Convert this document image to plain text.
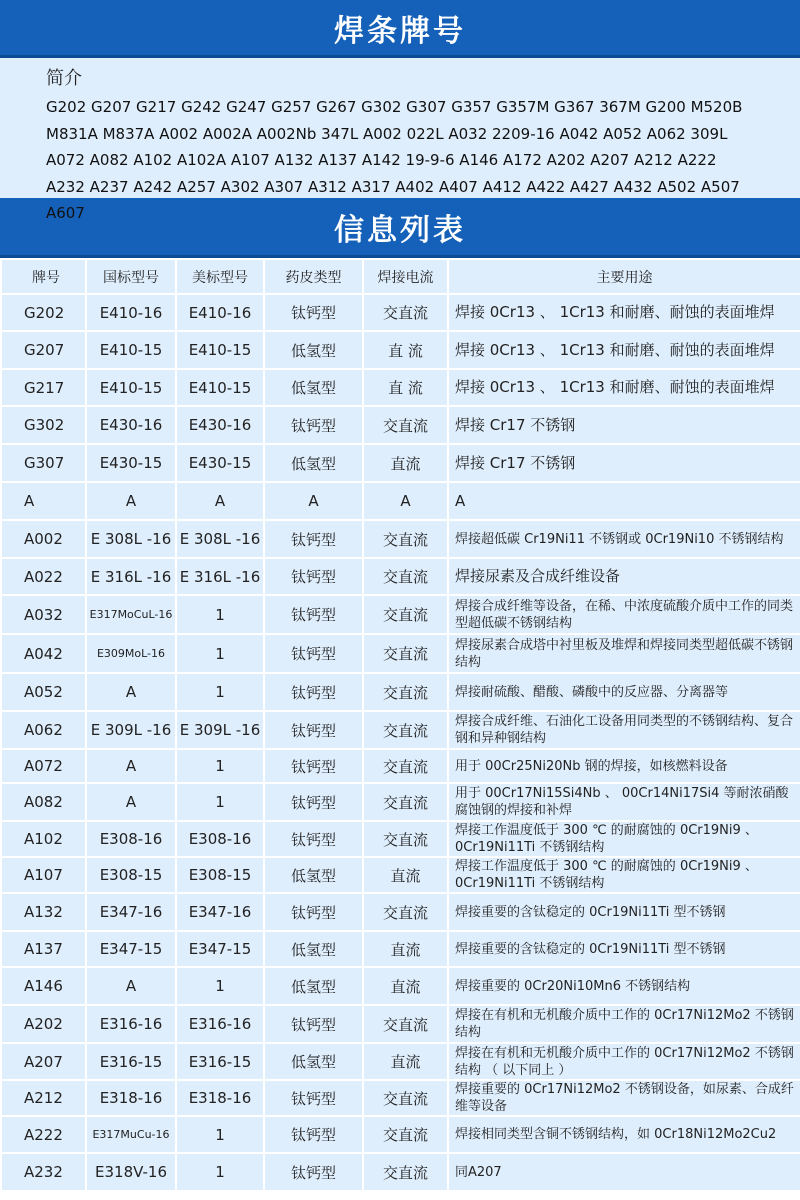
焊条牌号
简介
G202 G207 G217 G242 G247 G257 G267 G302 G307 G357 G357M G367 367M G200 M520B M831A M837A A002 A002A A002Nb 347L A002 022L A032 2209-16 A042 A052 A062 309L A072 A082 A102 A102A A107 A132 A137 A142 19-9-6 A146 A172 A202 A207 A212 A222 A232 A237 A242 A257 A302 A307 A312 A317 A402 A407 A412 A422 A427 A432 A502 A507 A607	信息列表
牌号	国标型号	美标型号	药皮类型	焊接电流	主要用途
G202	E410-16	E410-16	钛钙型	交直流	焊接 0Cr13 、 1Cr13 和耐磨、耐蚀的表面堆焊
G207	E410-15	E410-15	低氢型	直 流	焊接 0Cr13 、 1Cr13 和耐磨、耐蚀的表面堆焊
G217	E410-15	E410-15	低氢型	直 流	焊接 0Cr13 、 1Cr13 和耐磨、耐蚀的表面堆焊
G302	E430-16	E430-16	钛钙型	交直流	焊接 Cr17 不锈钢
G307	E430-15	E430-15	低氢型	直流	焊接 Cr17 不锈钢
A	A	A	A	A	A
A002	E 308L -16	E 308L -16	钛钙型	交直流	焊接超低碳 Cr19Ni11 不锈钢或 0Cr19Ni10 不锈钢结构
A022	E 316L -16	E 316L -16	钛钙型	交直流	焊接尿素及合成纤维设备
A032	E317MoCuL-16	1	钛钙型	交直流	焊接合成纤维等设备，在稀、中浓度硫酸介质中工作的同类型超低碳不锈钢结构
A042	E309MoL-16	1	钛钙型	交直流	焊接尿素合成塔中衬里板及堆焊和焊接同类型超低碳不锈钢结构
A052	A	1	钛钙型	交直流	焊接耐硫酸、醋酸、磷酸中的反应器、分离器等
A062	E 309L -16	E 309L -16	钛钙型	交直流	焊接合成纤维、石油化工设备用同类型的不锈钢结构、复合钢和异种钢结构
A072	A	1	钛钙型	交直流	用于 00Cr25Ni20Nb 钢的焊接，如核燃料设备
A082	A	1	钛钙型	交直流	用于 00Cr17Ni15Si4Nb 、 00Cr14Ni17Si4 等耐浓硝酸腐蚀钢的焊接和补焊
A102	E308-16	E308-16	钛钙型	交直流	焊接工作温度低于 300 ℃ 的耐腐蚀的 0Cr19Ni9 、 0Cr19Ni11Ti 不锈钢结构
A107	E308-15	E308-15	低氢型	直流	焊接工作温度低于 300 ℃ 的耐腐蚀的 0Cr19Ni9 、 0Cr19Ni11Ti 不锈钢结构
A132	E347-16	E347-16	钛钙型	交直流	焊接重要的含钛稳定的 0Cr19Ni11Ti 型不锈钢
A137	E347-15	E347-15	低氢型	直流	焊接重要的含钛稳定的 0Cr19Ni11Ti 型不锈钢
A146	A	1	低氢型	直流	焊接重要的 0Cr20Ni10Mn6 不锈钢结构
A202	E316-16	E316-16	钛钙型	交直流	焊接在有机和无机酸介质中工作的 0Cr17Ni12Mo2 不锈钢结构
A207	E316-15	E316-15	低氢型	直流	焊接在有机和无机酸介质中工作的 0Cr17Ni12Mo2 不锈钢结构 （ 以下同上 ）
A212	E318-16	E318-16	钛钙型	交直流	焊接重要的 0Cr17Ni12Mo2 不锈钢设备，如尿素、合成纤维等设备
A222	E317MuCu-16	1	钛钙型	交直流	焊接相同类型含铜不锈钢结构，如 0Cr18Ni12Mo2Cu2
A232	E318V-16	1	钛钙型	交直流	同A207
